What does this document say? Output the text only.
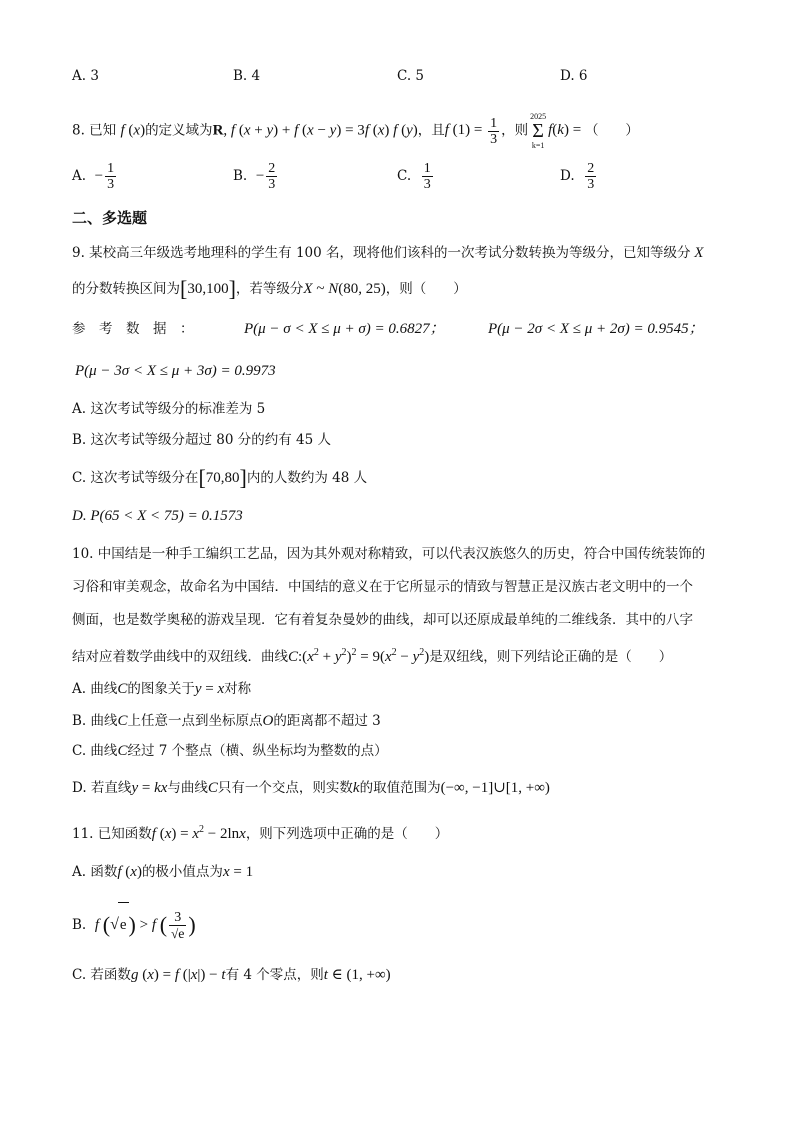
A. 3	B. 4	C. 5	D. 6
8. 已知 f (x)的定义域为R, f (x + y) + f (x − y) = 3f (x) f (y)，且f $(1) = \frac{1}{3}$ ，则
2025
Σ
k=1
f(k) = （　　）
A. − $\frac{1}{3}$	B. − $\frac{2}{3}$	C. $\frac{1}{3}$	D. $\frac{2}{3}$
二、多选题
9. 某校高三年级选考地理科的学生有 100 名，现将他们该科的一次考试分数转换为等级分，已知等级分 X
的分数转换区间为[30,100]，若等级分X ~ N(80, 25)，则（　　）
参　考　数　据　：	P(μ − σ < X ≤ μ + σ) = 0.6827；	P(μ − 2σ < X ≤ μ + 2σ) = 0.9545；
P(μ − 3σ < X ≤ μ + 3σ) = 0.9973
A. 这次考试等级分的标准差为 5
B. 这次考试等级分超过 80 分的约有 45 人
C. 这次考试等级分在[70,80]内的人数约为 48 人
D. P(65 < X < 75) = 0.1573
10. 中国结是一种手工编织工艺品，因为其外观对称精致，可以代表汉族悠久的历史，符合中国传统装饰的
习俗和审美观念，故命名为中国结．中国结的意义在于它所显示的情致与智慧正是汉族古老文明中的一个
侧面，也是数学奥秘的游戏呈现．它有着复杂曼妙的曲线，却可以还原成最单纯的二维线条．其中的八字
结对应着数学曲线中的双纽线．曲线$C:(x^2 + y^2)^2 = 9(x^2 - y^2)$是双纽线，则下列结论正确的是（　　）
A. 曲线C的图象关于y = x对称
B. 曲线C上任意一点到坐标原点O的距离都不超过 3
C. 曲线C经过 7 个整点（横、纵坐标均为整数的点）
D. 若直线y = kx与曲线C只有一个交点，则实数k的取值范围为(−∞, −1]∪[1, +∞)
11. 已知函数f $(x) = x^2 - 2\ln x$，则下列选项中正确的是（　　）
A. 函数f (x)的极小值点为x = 1
B. f (√e) > f ( $\frac{3}{√e}$ )
C. 若函数g (x) = f (|x|) − t有 4 个零点，则t ∈ (1, +∞)
